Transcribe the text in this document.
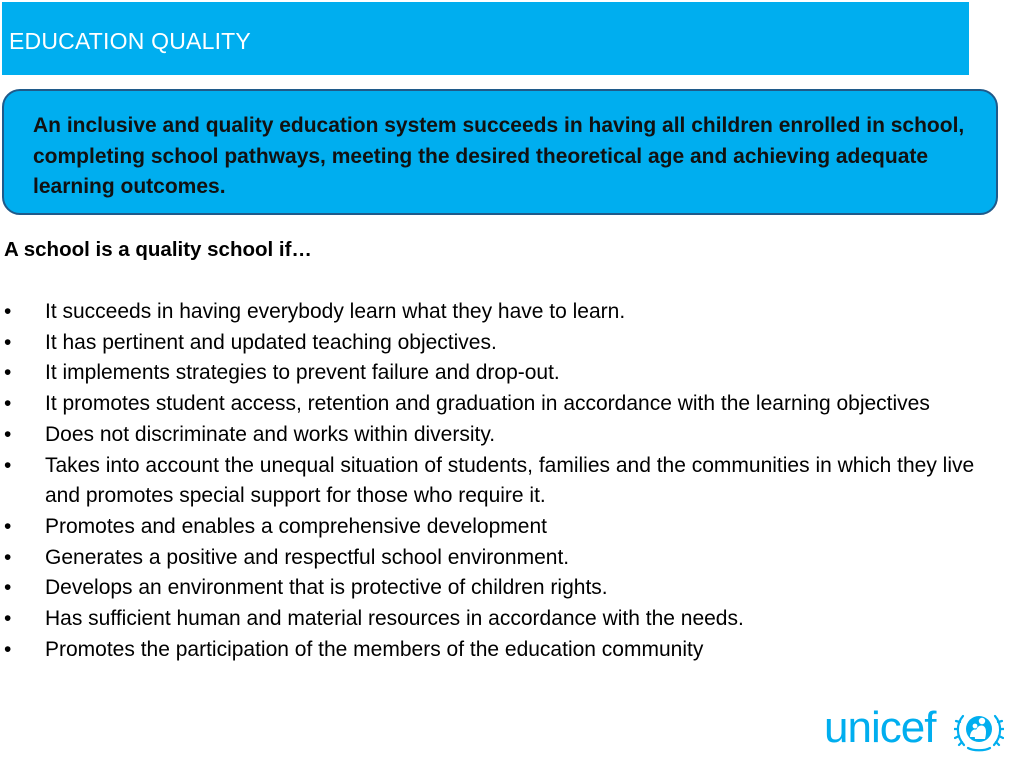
EDUCATION QUALITY
An inclusive and quality education system succeeds in having all children enrolled in school, completing school pathways, meeting the desired theoretical age and achieving adequate learning outcomes.
A school is a quality school if…
• It succeeds in having everybody learn what they have to learn.
• It has pertinent and updated teaching objectives.
• It implements strategies to prevent failure and drop-out.
• It promotes student access, retention and graduation in accordance with the learning objectives
• Does not discriminate and works within diversity.
• Takes into account the unequal situation of students, families and the communities in which they live and promotes special support for those who require it.
• Promotes and enables a comprehensive development
• Generates a positive and respectful school environment.
• Develops an environment that is protective of children rights.
• Has sufficient human and material resources in accordance with the needs.
• Promotes the participation of the members of the education community
unicef
